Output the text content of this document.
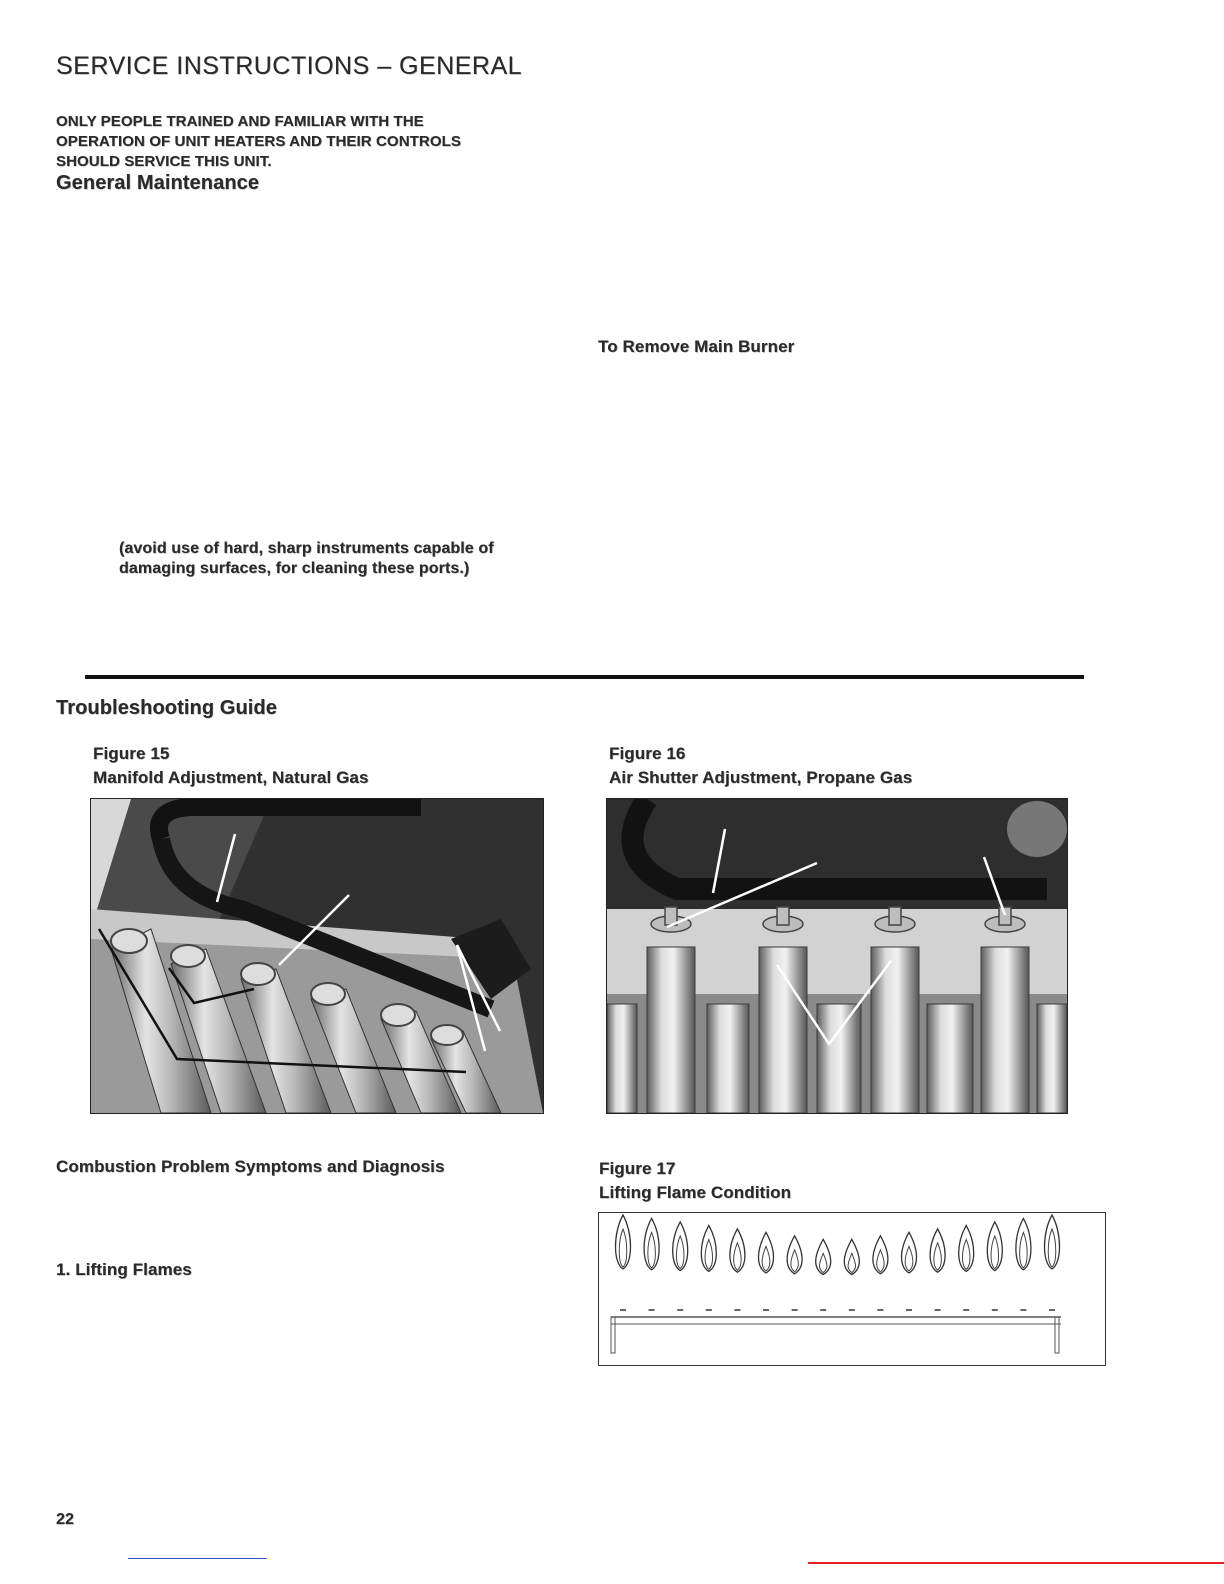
SERVICE INSTRUCTIONS – GENERAL
ONLY PEOPLE TRAINED AND FAMILIAR WITH THE
OPERATION OF UNIT HEATERS AND THEIR CONTROLS
SHOULD SERVICE THIS UNIT.
General Maintenance
To Remove Main Burner
(avoid use of hard, sharp instruments capable of
damaging surfaces, for cleaning these ports.)
Troubleshooting Guide
Figure 15
Manifold Adjustment, Natural Gas
Figure 16
Air Shutter Adjustment, Propane Gas
Combustion Problem Symptoms and Diagnosis
1. Lifting Flames
Figure 17
Lifting Flame Condition
22
